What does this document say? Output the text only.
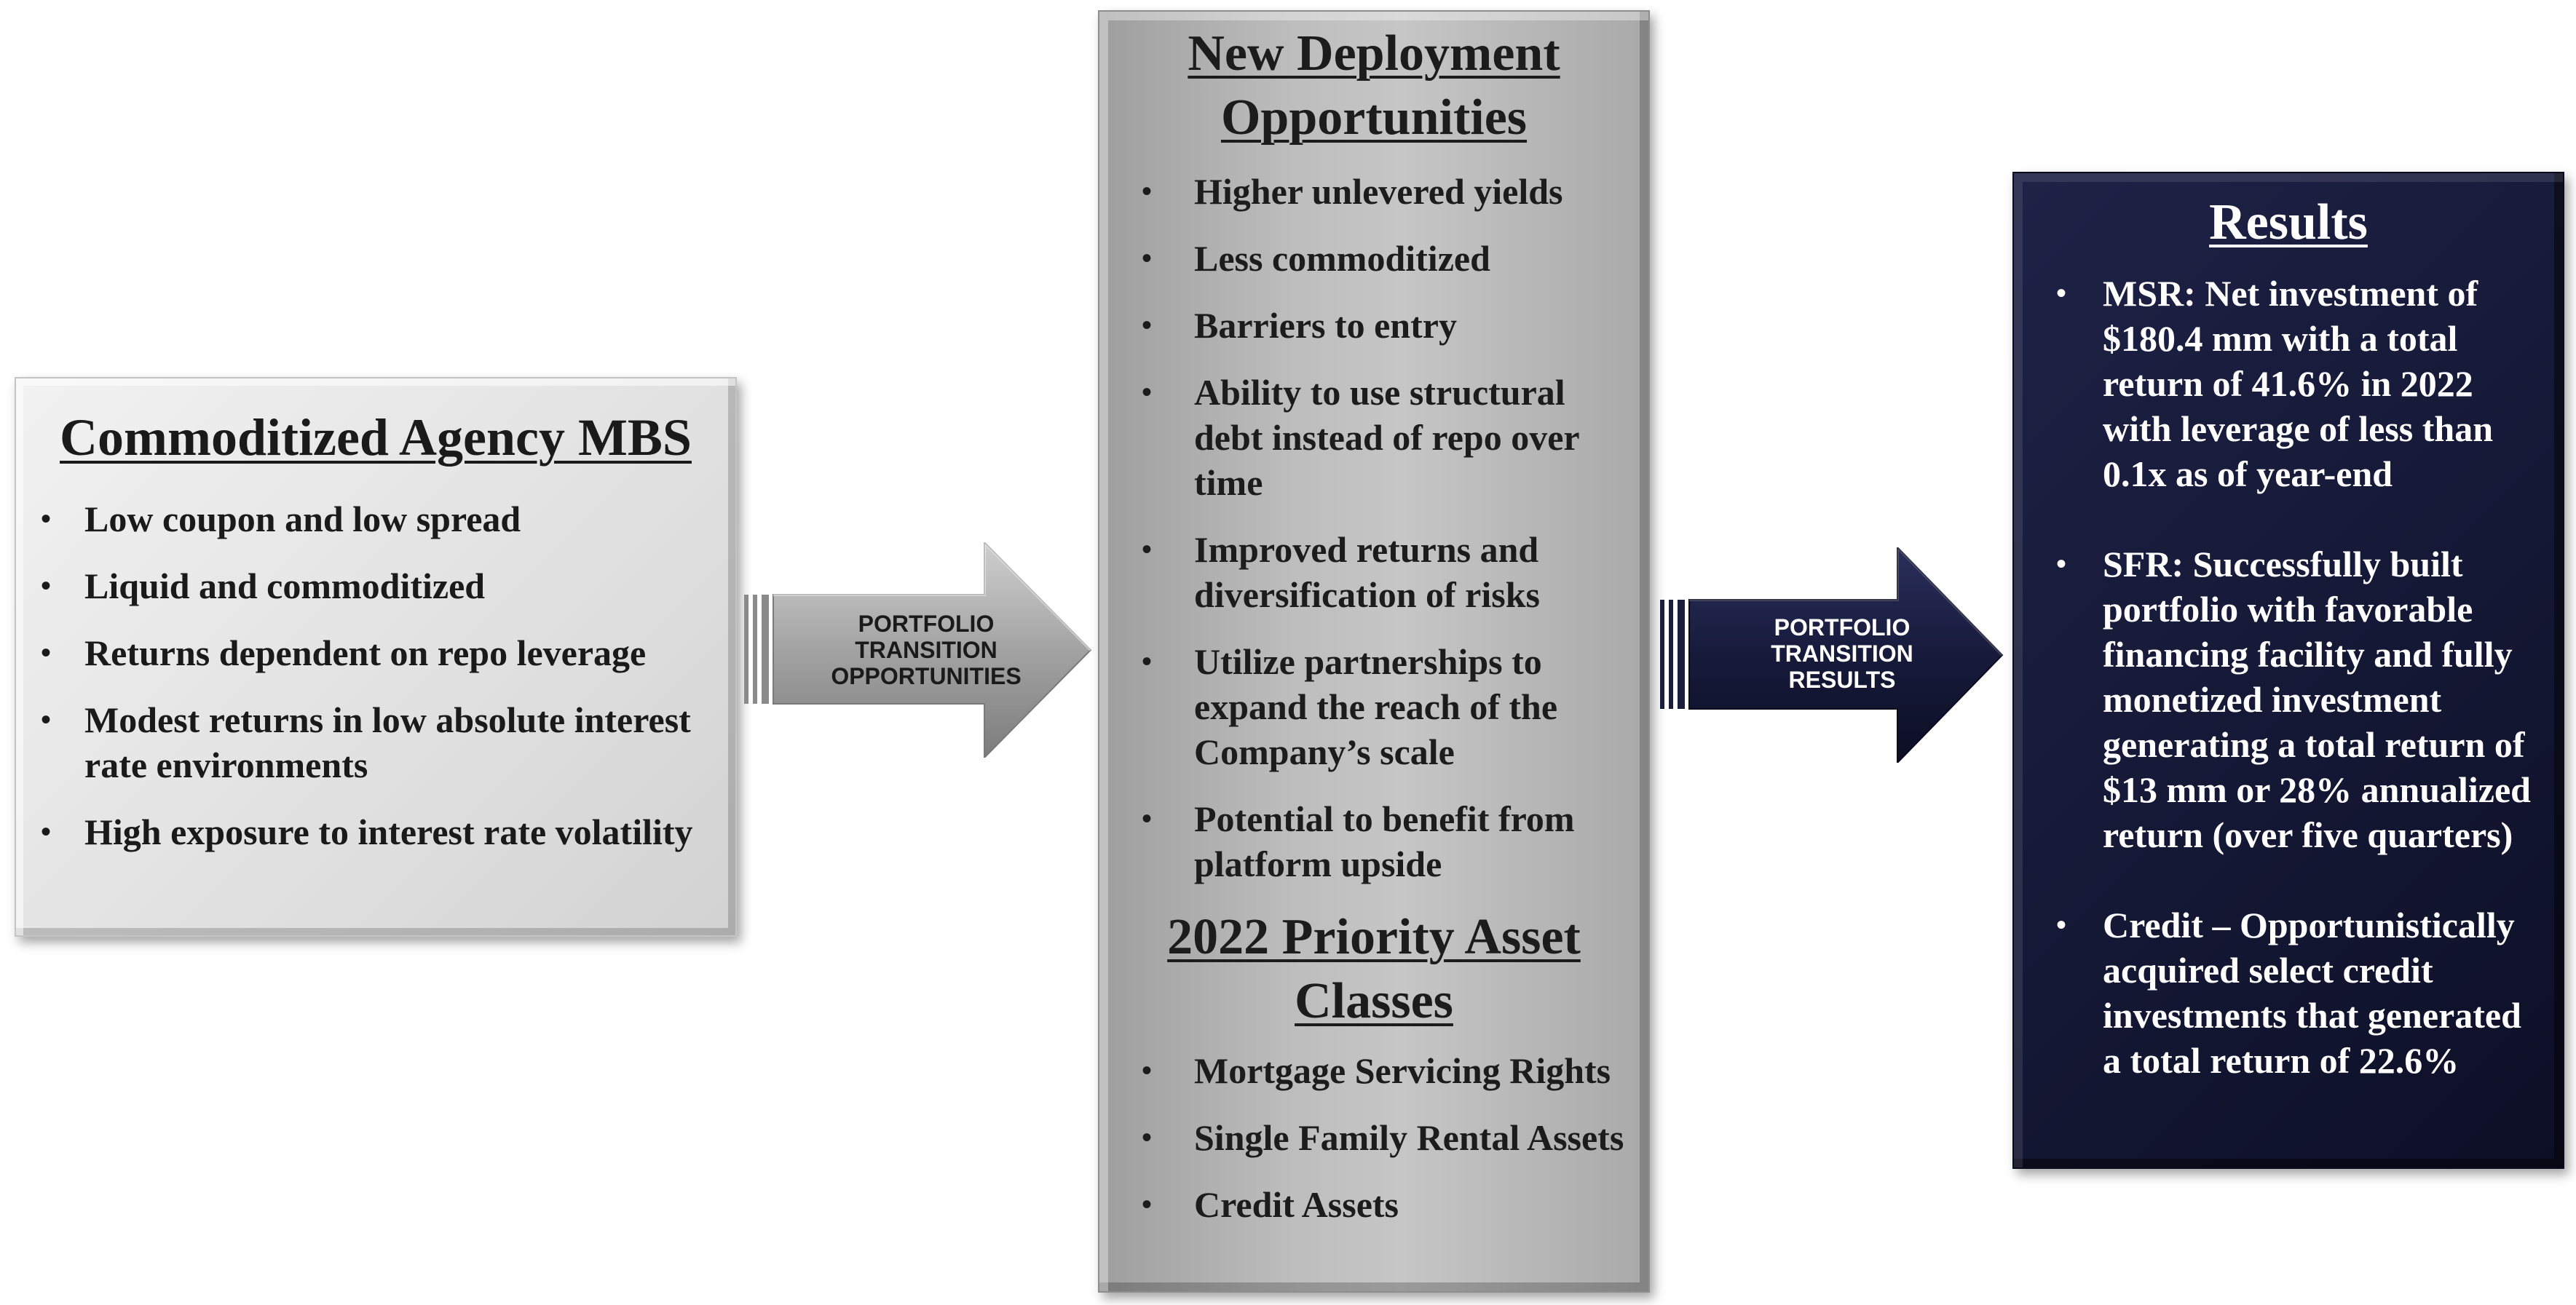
Commoditized Agency MBS
• Low coupon and low spread
• Liquid and commoditized
• Returns dependent on repo leverage
• Modest returns in low absolute interest rate environments
• High exposure to interest rate volatility
PORTFOLIO
TRANSITION
OPPORTUNITIES
New Deployment Opportunities
• Higher unlevered yields
• Less commoditized
• Barriers to entry
• Ability to use structural debt instead of repo over time
• Improved returns and diversification of risks
• Utilize partnerships to expand the reach of the Company’s scale
• Potential to benefit from platform upside
2022 Priority Asset Classes
• Mortgage Servicing Rights
• Single Family Rental Assets
• Credit Assets
PORTFOLIO
TRANSITION
RESULTS
Results
• MSR: Net investment of $180.4 mm with a total return of 41.6% in 2022 with leverage of less than 0.1x as of year-end
• SFR: Successfully built portfolio with favorable financing facility and fully monetized investment generating a total return of $13 mm or 28% annualized return (over five quarters)
• Credit – Opportunistically acquired select credit investments that generated a total return of 22.6%
